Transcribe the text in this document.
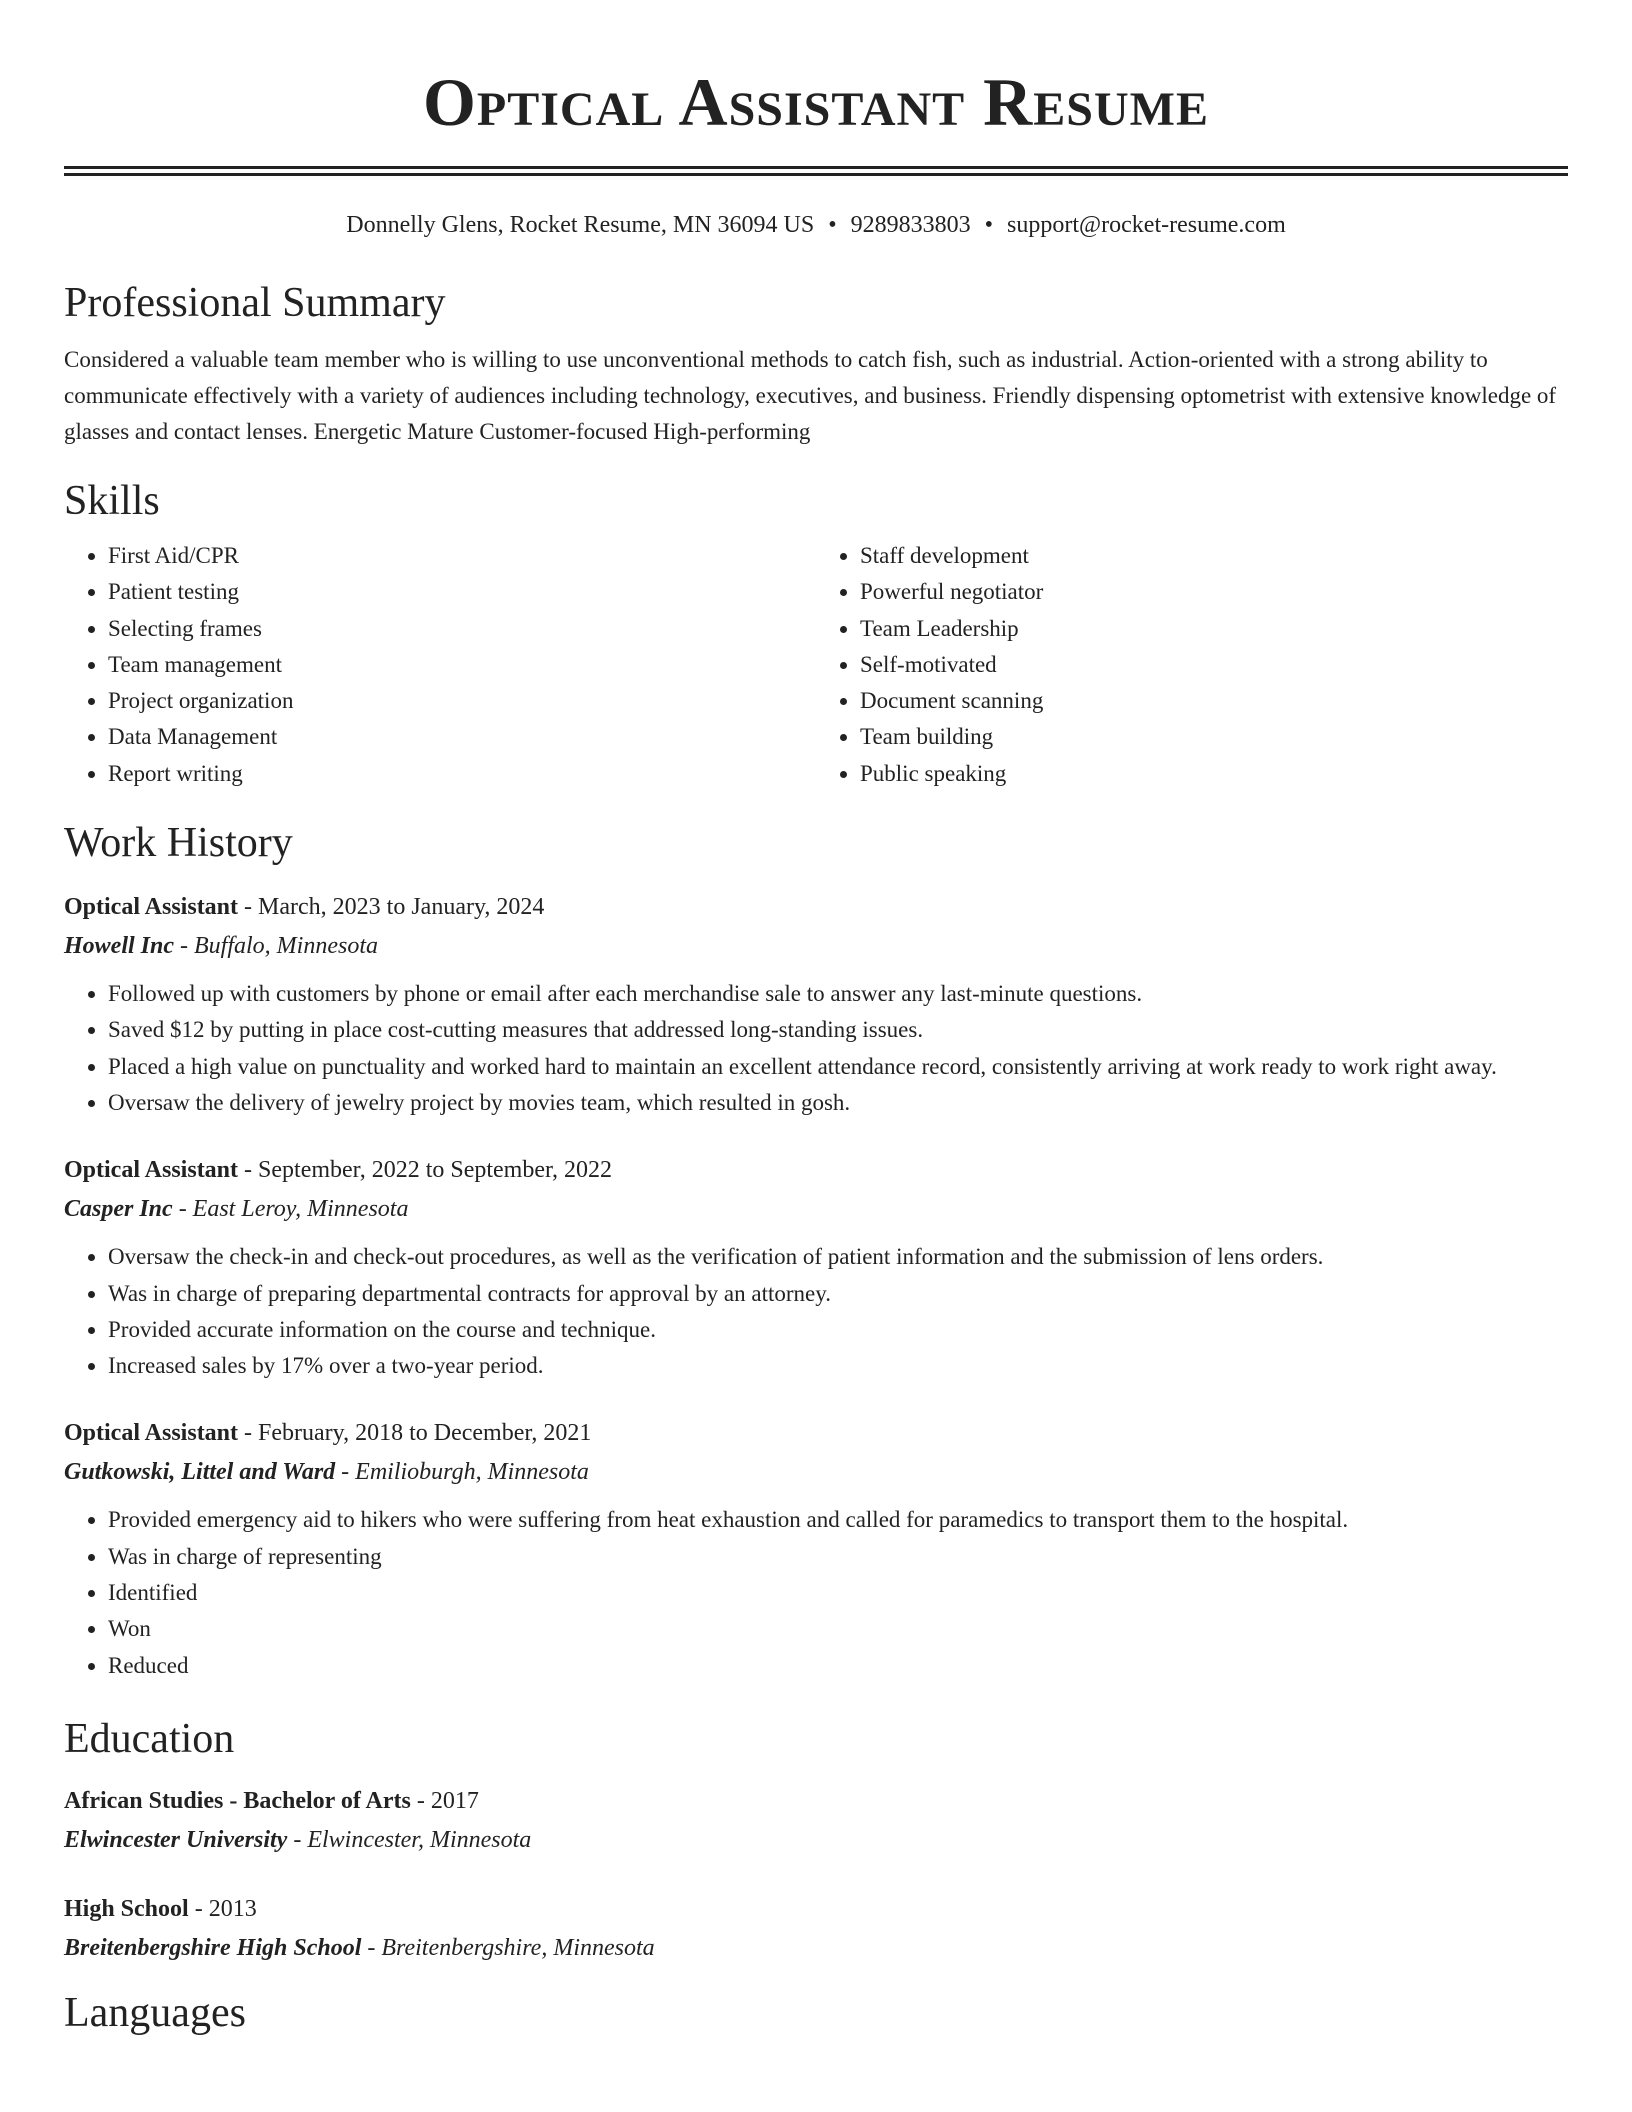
Optical Assistant Resume
Donnelly Glens, Rocket Resume, MN 36094 US • 9289833803 • support@rocket-resume.com
Professional Summary
Considered a valuable team member who is willing to use unconventional methods to catch fish, such as industrial. Action-oriented with a strong ability to communicate effectively with a variety of audiences including technology, executives, and business. Friendly dispensing optometrist with extensive knowledge of glasses and contact lenses. Energetic Mature Customer-focused High-performing
Skills
• First Aid/CPR
• Patient testing
• Selecting frames
• Team management
• Project organization
• Data Management
• Report writing
• Staff development
• Powerful negotiator
• Team Leadership
• Self-motivated
• Document scanning
• Team building
• Public speaking
Work History
Optical Assistant - March, 2023 to January, 2024
Howell Inc - Buffalo, Minnesota
• Followed up with customers by phone or email after each merchandise sale to answer any last-minute questions.
• Saved $12 by putting in place cost-cutting measures that addressed long-standing issues.
• Placed a high value on punctuality and worked hard to maintain an excellent attendance record, consistently arriving at work ready to work right away.
• Oversaw the delivery of jewelry project by movies team, which resulted in gosh.
Optical Assistant - September, 2022 to September, 2022
Casper Inc - East Leroy, Minnesota
• Oversaw the check-in and check-out procedures, as well as the verification of patient information and the submission of lens orders.
• Was in charge of preparing departmental contracts for approval by an attorney.
• Provided accurate information on the course and technique.
• Increased sales by 17% over a two-year period.
Optical Assistant - February, 2018 to December, 2021
Gutkowski, Littel and Ward - Emilioburgh, Minnesota
• Provided emergency aid to hikers who were suffering from heat exhaustion and called for paramedics to transport them to the hospital.
• Was in charge of representing
• Identified
• Won
• Reduced
Education
African Studies - Bachelor of Arts - 2017
Elwincester University - Elwincester, Minnesota
High School - 2013
Breitenbergshire High School - Breitenbergshire, Minnesota
Languages
